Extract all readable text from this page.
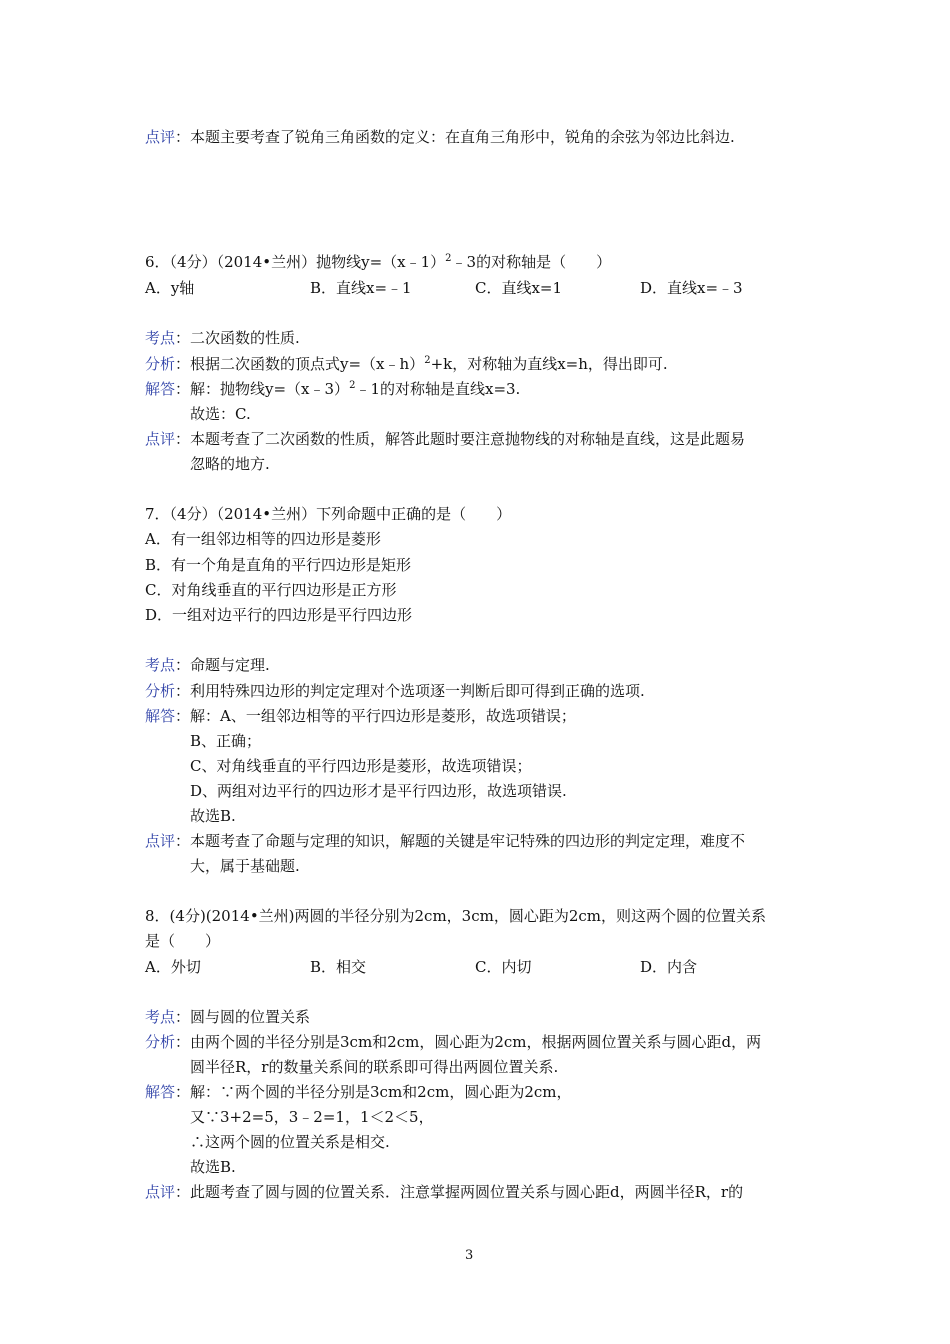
点评：本题主要考查了锐角三角函数的定义：在直角三角形中，锐角的余弦为邻边比斜边.
6．（4分）（2014•兰州）抛物线y=（x﹣1）$^2$﹣3的对称轴是（　　）
A．y轴	B．直线x=﹣1	C．直线x=1	D．直线x=﹣3
考点：二次函数的性质.
分析：根据二次函数的顶点式y=（x﹣h）$^2$+k，对称轴为直线x=h，得出即可.
解答：解：抛物线y=（x﹣3）$^2$﹣1的对称轴是直线x=3.
故选：C.
点评：本题考查了二次函数的性质，解答此题时要注意抛物线的对称轴是直线，这是此题易
忽略的地方.
7．（4分）（2014•兰州）下列命题中正确的是（　　）
A．有一组邻边相等的四边形是菱形
B．有一个角是直角的平行四边形是矩形
C．对角线垂直的平行四边形是正方形
D．一组对边平行的四边形是平行四边形
考点：命题与定理.
分析：利用特殊四边形的判定定理对个选项逐一判断后即可得到正确的选项.
解答：解：A、一组邻边相等的平行四边形是菱形，故选项错误；
B、正确；
C、对角线垂直的平行四边形是菱形，故选项错误；
D、两组对边平行的四边形才是平行四边形，故选项错误.
故选B.
点评：本题考查了命题与定理的知识，解题的关键是牢记特殊的四边形的判定定理，难度不
大，属于基础题.
8．(4分)(2014•兰州)两圆的半径分别为2cm，3cm，圆心距为2cm，则这两个圆的位置关系
是（　　）
A．外切	B．相交	C．内切	D．内含
考点：圆与圆的位置关系
分析：由两个圆的半径分别是3cm和2cm，圆心距为2cm，根据两圆位置关系与圆心距d，两
圆半径R，r的数量关系间的联系即可得出两圆位置关系.
解答：解：∵两个圆的半径分别是3cm和2cm，圆心距为2cm，
又∵3+2=5，3﹣2=1，1＜2＜5，
∴这两个圆的位置关系是相交.
故选B.
点评：此题考查了圆与圆的位置关系．注意掌握两圆位置关系与圆心距d，两圆半径R，r的
3
